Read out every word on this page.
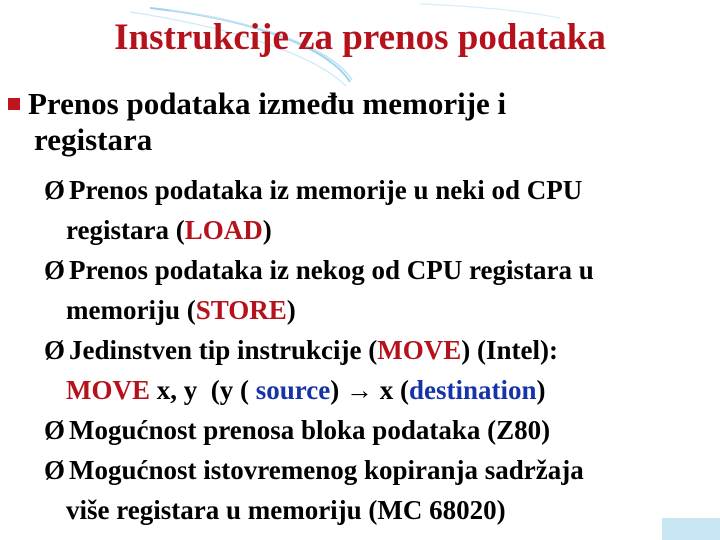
Instrukcije za prenos podataka
Prenos podataka između memorije i
registara
Ø Prenos podataka iz memorije u neki od CPU
registara (LOAD)
Ø Prenos podataka iz nekog od CPU registara u
memoriju (STORE)
Ø Jedinstven tip instrukcije (MOVE) (Intel):
MOVE x, y  (y ( source) → x (destination)
Ø Mogućnost prenosa bloka podataka (Z80)
Ø Mogućnost istovremenog kopiranja sadržaja
više registara u memoriju (MC 68020)
